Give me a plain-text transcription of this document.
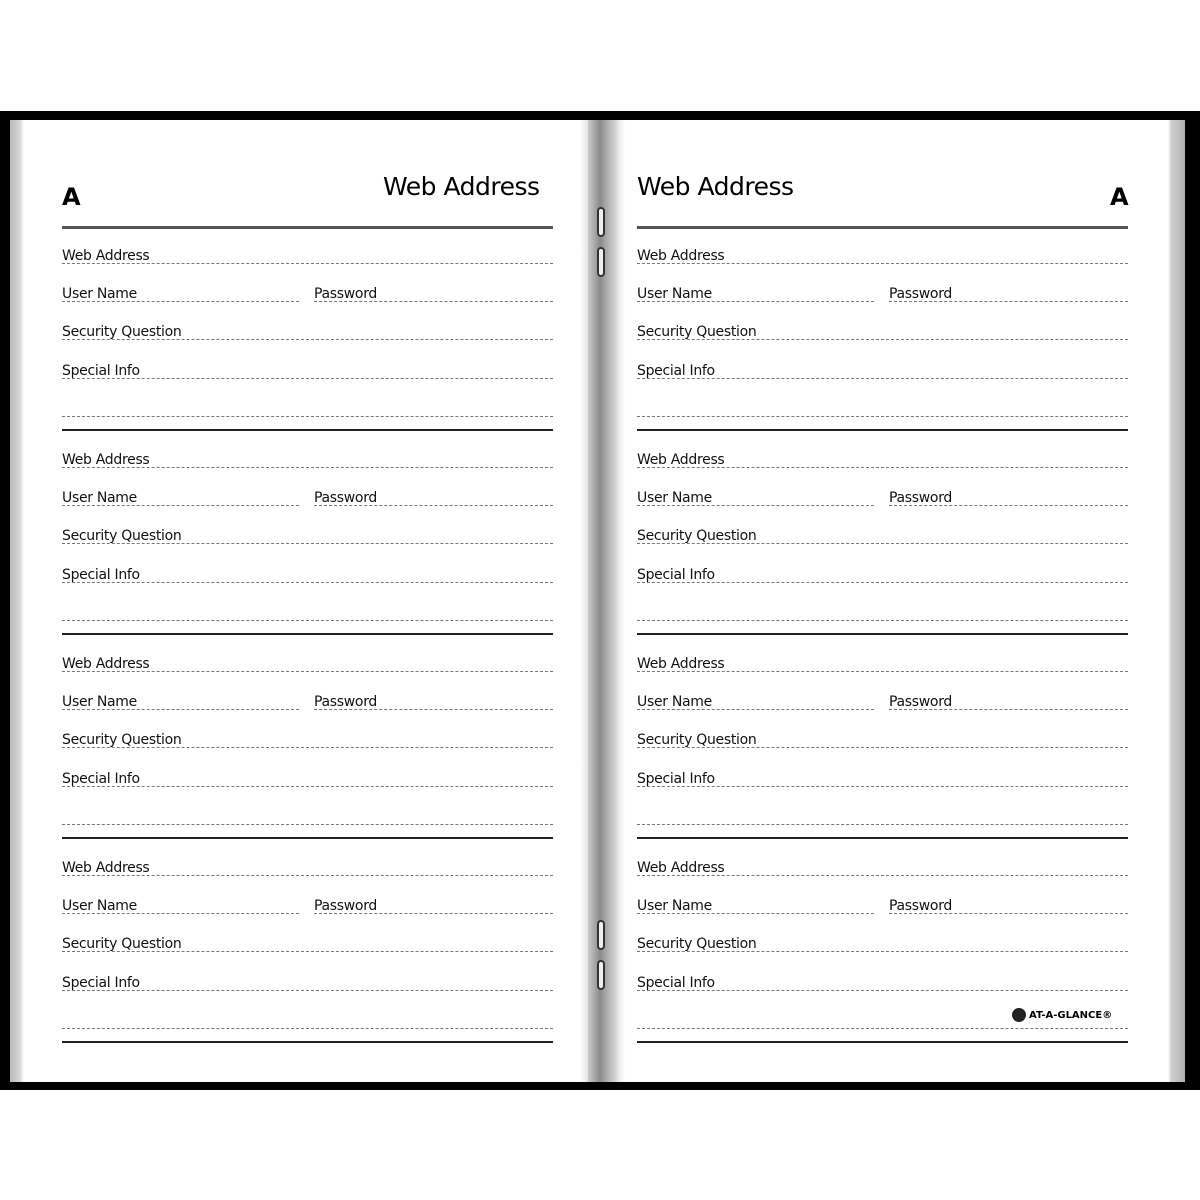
A	Web Address
Web Address
User Name	Password
Security Question
Special Info
Web Address
User Name	Password
Security Question
Special Info
Web Address
User Name	Password
Security Question
Special Info
Web Address
User Name	Password
Security Question
Special Info
Web Address	A
Web Address
User Name	Password
Security Question
Special Info
Web Address
User Name	Password
Security Question
Special Info
Web Address
User Name	Password
Security Question
Special Info
Web Address
User Name	Password
Security Question
Special Info
AT-A-GLANCE®
